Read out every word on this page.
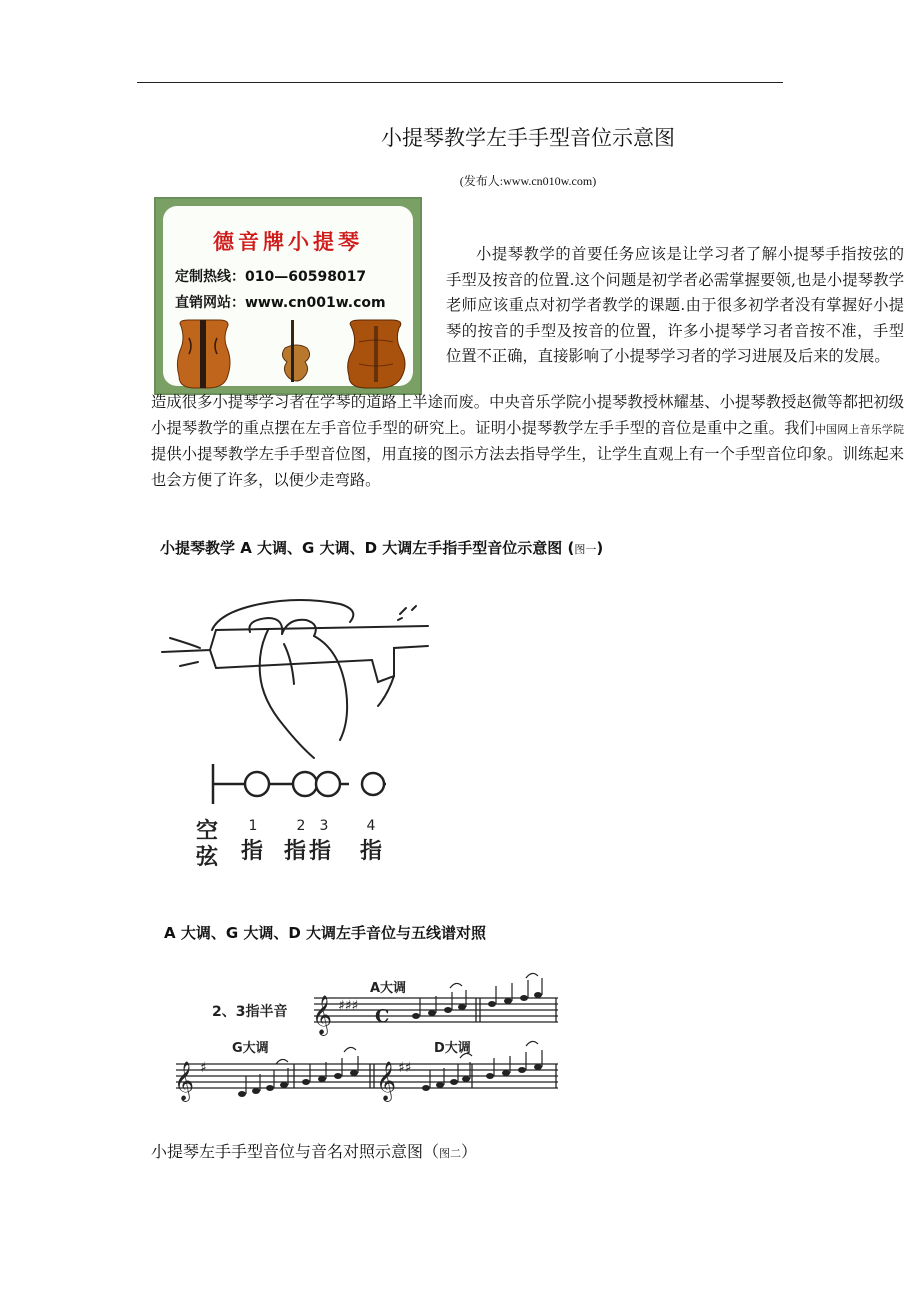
小提琴教学左手手型音位示意图
(发布人:www.cn010w.com)
德音牌小提琴
定制热线：010—60598017
直销网站：www.cn001w.com
小提琴教学的首要任务应该是让学习者了解小提琴手指按弦的手型及按音的位置.这个问题是初学者必需掌握要领,也是小提琴教学老师应该重点对初学者教学的课题.由于很多初学者没有掌握好小提琴的按音的手型及按音的位置，许多小提琴学习者音按不准，手型位置不正确，直接影响了小提琴学习者的学习进展及后来的发展。
造成很多小提琴学习者在学琴的道路上半途而废。中央音乐学院小提琴教授林耀基、小提琴教授赵微等都把初级小提琴教学的重点摆在左手音位手型的研究上。证明小提琴教学左手手型的音位是重中之重。我们中国网上音乐学院提供小提琴教学左手手型音位图，用直接的图示方法去指导学生，让学生直观上有一个手型音位印象。训练起来也会方便了许多，以便少走弯路。
小提琴教学 A 大调、G 大调、D 大调左手指手型音位示意图 (图一)
1	2 3	4
空
弦 指 指 指 指
A 大调、G 大调、D 大调左手音位与五线谱对照
2、3指半音 𝄞 ♯♯♯ C
A大调
𝄞 ♯
G大调
𝄞 ♯♯
D大调
小提琴左手手型音位与音名对照示意图（图二）
